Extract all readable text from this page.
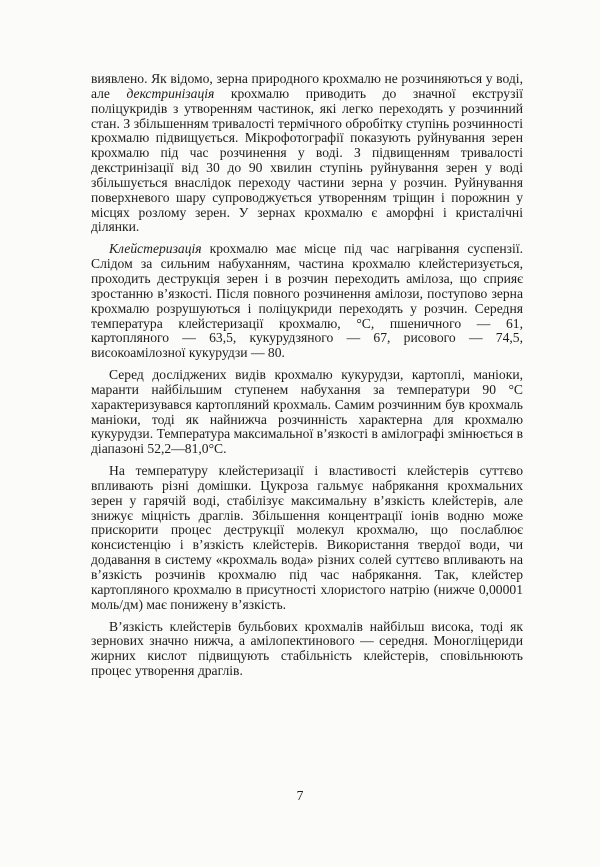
виявлено. Як відомо, зерна природного крохмалю не розчиняються у воді, але декстринізація крохмалю приводить до значної екструзії поліцукридів з утворенням частинок, які легко переходять у розчинний стан. З збільшенням тривалості термічного обробітку ступінь розчинності крохмалю підвищується. Мікрофотографії показують руйнування зерен крохмалю під час розчинення у воді. З підвищенням тривалості декстринізації від 30 до 90 хвилин ступінь руйнування зерен у воді збільшується внаслідок переходу частини зерна у розчин. Руйнування поверхневого шару супроводжується утворенням тріщин і порожнин у місцях розлому зерен. У зернах крохмалю є аморфні і кристалічні ділянки.

Клейстеризація крохмалю має місце під час нагрівання суспензії. Слідом за сильним набуханням, частина крохмалю клейстеризується, проходить деструкція зерен і в розчин переходить амілоза, що сприяє зростанню в’язкості. Після повного розчинення амілози, поступово зерна крохмалю розрушуються і поліцукриди переходять у розчин. Середня температура клейстеризації крохмалю, °С, пшеничного — 61, картопляного — 63,5, кукурудзяного — 67, рисового — 74,5, високоамілозної кукурудзи — 80.

Серед досліджених видів крохмалю кукурудзи, картоплі, маніоки, маранти найбільшим ступенем набухання за температури 90 °С характеризувався картопляний крохмаль. Самим розчинним був крохмаль маніоки, тоді як найнижча розчинність характерна для крохмалю кукурудзи. Температура максимальної в’язкості в амілографі змінюється в діапазоні 52,2—81,0°С.

На температуру клейстеризації і властивості клейстерів суттєво впливають різні домішки. Цукроза гальмує набрякання крохмальних зерен у гарячій воді, стабілізує максимальну в’язкість клейстерів, але знижує міцність драглів. Збільшення концентрації іонів водню може прискорити процес деструкції молекул крохмалю, що послаблює консистенцію і в’язкість клейстерів. Використання твердої води, чи додавання в систему «крохмаль вода» різних солей суттєво впливають на в’язкість розчинів крохмалю під час набрякання. Так, клейстер картопляного крохмалю в присутності хлористого натрію (нижче 0,00001 моль/дм) має понижену в’язкість.

В’язкість клейстерів бульбових крохмалів найбільш висока, тоді як зернових значно нижча, а амілопектинового — середня. Моногліцериди жирних кислот підвищують стабільність клейстерів, сповільнюють процес утворення драглів.

7
